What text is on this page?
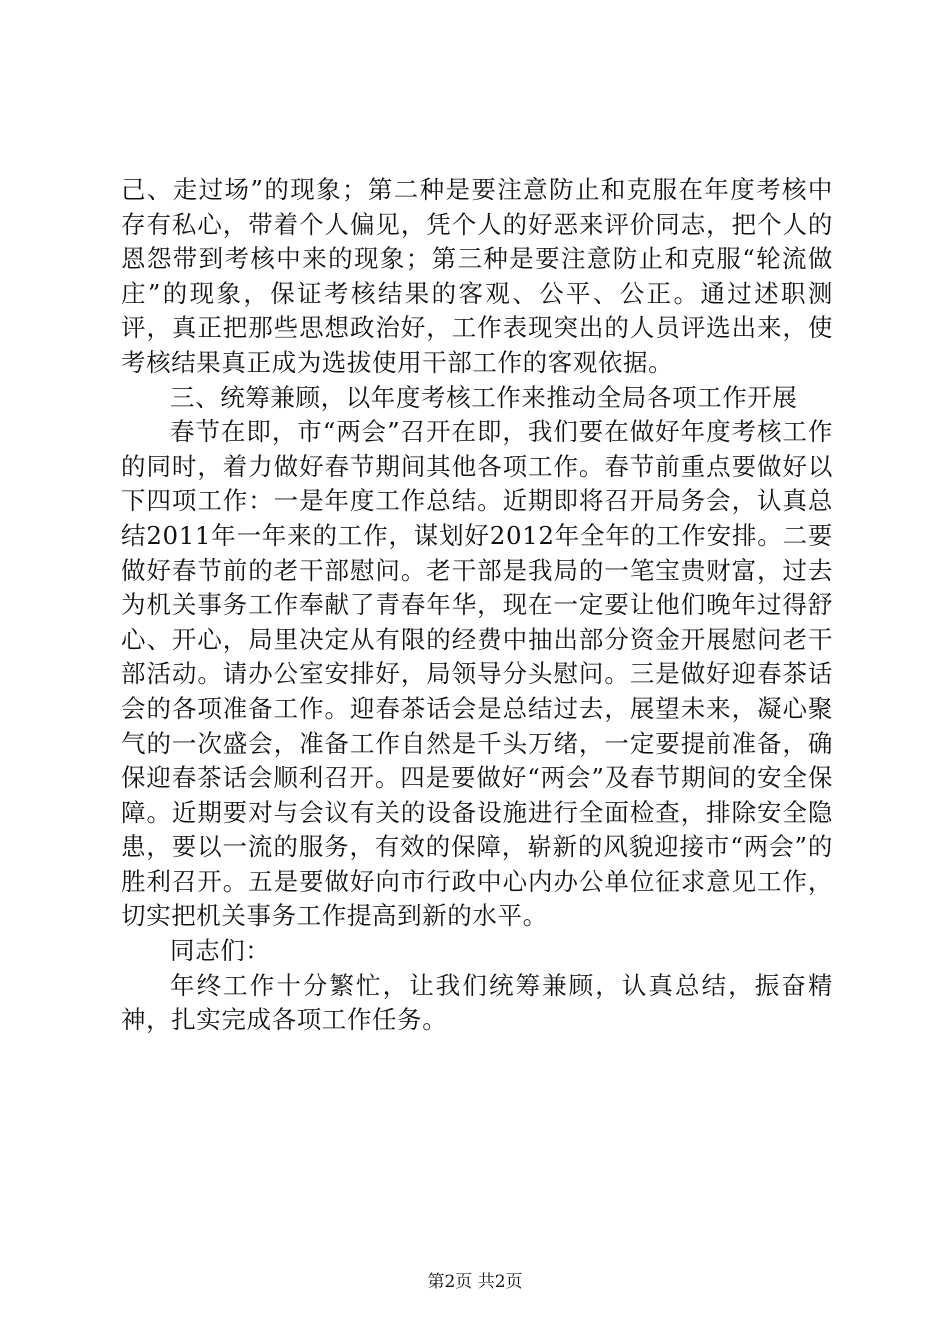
己、走过场”的现象；第二种是要注意防止和克服在年度考核中存有私心，带着个人偏见，凭个人的好恶来评价同志，把个人的恩怨带到考核中来的现象；第三种是要注意防止和克服“轮流做庄”的现象，保证考核结果的客观、公平、公正。通过述职测评，真正把那些思想政治好，工作表现突出的人员评选出来，使考核结果真正成为选拔使用干部工作的客观依据。

三、统筹兼顾，以年度考核工作来推动全局各项工作开展

春节在即，市“两会”召开在即，我们要在做好年度考核工作的同时，着力做好春节期间其他各项工作。春节前重点要做好以下四项工作：一是年度工作总结。近期即将召开局务会，认真总结2011年一年来的工作，谋划好2012年全年的工作安排。二要做好春节前的老干部慰问。老干部是我局的一笔宝贵财富，过去为机关事务工作奉献了青春年华，现在一定要让他们晚年过得舒心、开心，局里决定从有限的经费中抽出部分资金开展慰问老干部活动。请办公室安排好，局领导分头慰问。三是做好迎春茶话会的各项准备工作。迎春茶话会是总结过去，展望未来，凝心聚气的一次盛会，准备工作自然是千头万绪，一定要提前准备，确保迎春茶话会顺利召开。四是要做好“两会”及春节期间的安全保障。近期要对与会议有关的设备设施进行全面检查，排除安全隐患，要以一流的服务，有效的保障，崭新的风貌迎接市“两会”的胜利召开。五是要做好向市行政中心内办公单位征求意见工作，切实把机关事务工作提高到新的水平。

同志们：

年终工作十分繁忙，让我们统筹兼顾，认真总结，振奋精神，扎实完成各项工作任务。

第2页 共2页
